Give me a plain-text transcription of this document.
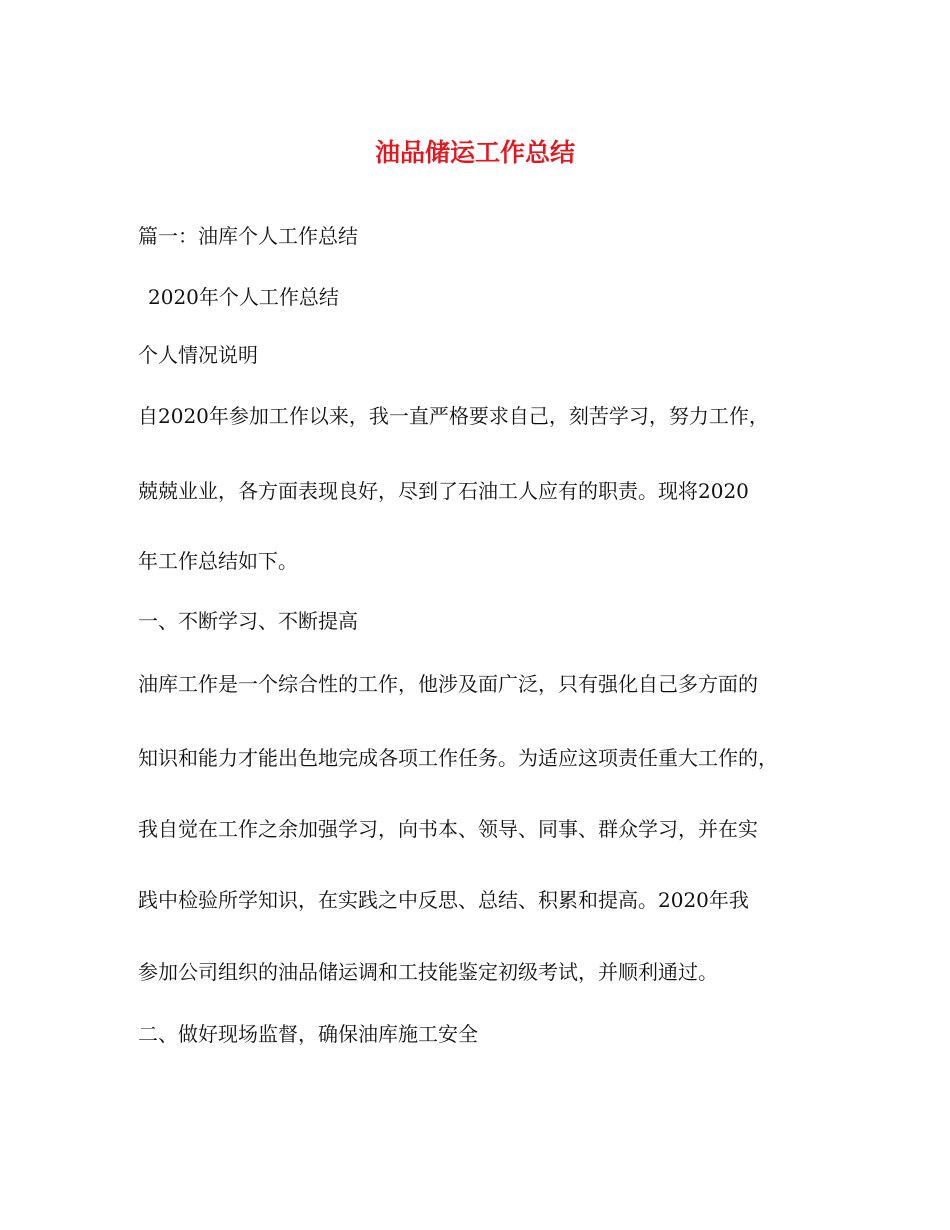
油品储运工作总结
篇一：油库个人工作总结
2020年个人工作总结
个人情况说明
自2020年参加工作以来，我一直严格要求自己，刻苦学习，努力工作，
兢兢业业，各方面表现良好，尽到了石油工人应有的职责。现将2020
年工作总结如下。
一、不断学习、不断提高
油库工作是一个综合性的工作，他涉及面广泛，只有强化自己多方面的
知识和能力才能出色地完成各项工作任务。为适应这项责任重大工作的，
我自觉在工作之余加强学习，向书本、领导、同事、群众学习，并在实
践中检验所学知识，在实践之中反思、总结、积累和提高。2020年我
参加公司组织的油品储运调和工技能鉴定初级考试，并顺利通过。
二、做好现场监督，确保油库施工安全
